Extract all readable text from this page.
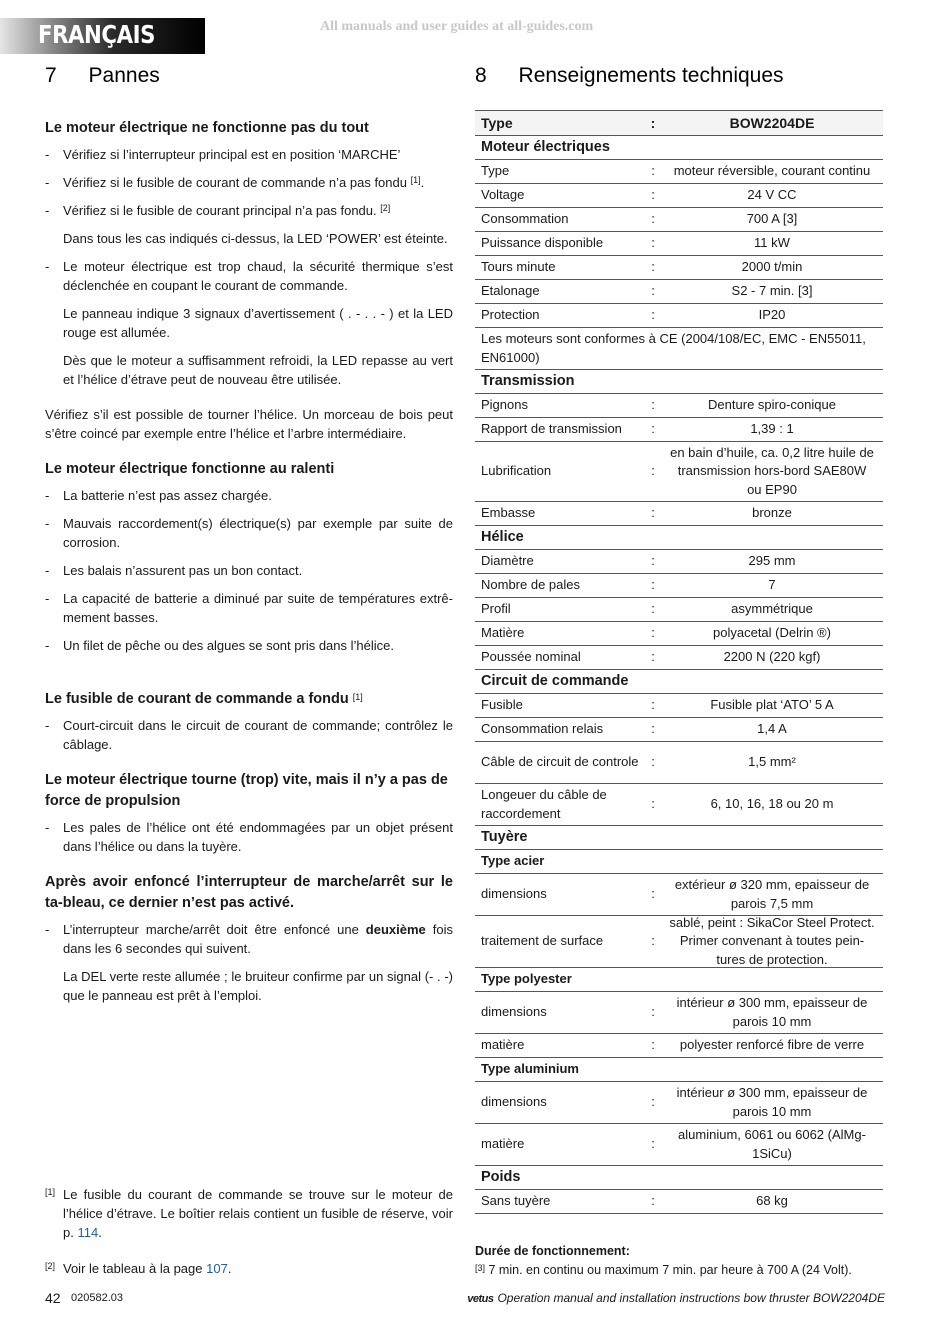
FRANÇAIS	All manuals and user guides at all-guides.com
7 Pannes	8 Renseignements techniques
Le moteur électrique ne fonctionne pas du tout
- Vérifiez si l’interrupteur principal est en position ‘MARCHE’
- Vérifiez si le fusible de courant de commande n’a pas fondu [1].
- Vérifiez si le fusible de courant principal n’a pas fondu. [2]
Dans tous les cas indiqués ci-dessus, la LED ‘POWER’ est éteinte.
- Le moteur électrique est trop chaud, la sécurité thermique s’est déclenchée en coupant le courant de commande.
Le panneau indique 3 signaux d’avertissement ( . - . . - ) et la LED rouge est allumée.
Dès que le moteur a suffisamment refroidi, la LED repasse au vert et l’hélice d’étrave peut de nouveau être utilisée.

Vérifiez s’il est possible de tourner l’hélice. Un morceau de bois peut s’être coincé par exemple entre l’hélice et l’arbre intermédiaire.

Le moteur électrique fonctionne au ralenti
- La batterie n’est pas assez chargée.
- Mauvais raccordement(s) électrique(s) par exemple par suite de corrosion.
- Les balais n’assurent pas un bon contact.
- La capacité de batterie a diminué par suite de températures extrê-mement basses.
- Un filet de pêche ou des algues se sont pris dans l’hélice.
Le fusible de courant de commande a fondu [1]
- Court-circuit dans le circuit de courant de commande; contrôlez le câblage.
Le moteur électrique tourne (trop) vite, mais il n’y a pas de force de propulsion
- Les pales de l’hélice ont été endommagées par un objet présent dans l’hélice ou dans la tuyère.
Après avoir enfoncé l’interrupteur de marche/arrêt sur le ta-bleau, ce dernier n’est pas activé.
- L’interrupteur marche/arrêt doit être enfoncé une deuxième fois dans les 6 secondes qui suivent.
La DEL verte reste allumée ; le bruiteur confirme par un signal (- . -) que le panneau est prêt à l’emploi.
[1] Le fusible du courant de commande se trouve sur le moteur de l’hélice d’étrave. Le boîtier relais contient un fusible de réserve, voir p. 114.
[2] Voir le tableau à la page 107.
Type	:	BOW2204DE
Moteur électriques
Type	:	moteur réversible, courant continu
Voltage	:	24 V CC
Consommation	:	700 A [3]
Puissance disponible	:	11 kW
Tours minute	:	2000 t/min
Etalonage	:	S2 - 7 min. [3]
Protection	:	IP20
Les moteurs sont conformes à CE (2004/108/EC, EMC - EN55011, EN61000)
Transmission
Pignons	:	Denture spiro-conique
Rapport de transmission	:	1,39 : 1
Lubrification	:
en bain d’huile, ca. 0,2 litre huile de transmission hors-bord SAE80W ou EP90
Embasse	:	bronze
Hélice
Diamètre	:	295 mm
Nombre de pales	:	7
Profil	:	asymmétrique
Matière	:	polyacetal (Delrin ®)
Poussée nominal	:	2200 N (220 kgf)
Circuit de commande
Fusible	:	Fusible plat ‘ATO’ 5 A
Consommation relais	:	1,4 A
Câble de circuit de controle :	1,5 mm²
Longeuer du câble de raccordement
:	6, 10, 16, 18 ou 20 m
Tuyère
Type acier
dimensions	:
extérieur ø 320 mm, epaisseur de parois 7,5 mm
traitement de surface	:
sablé, peint : SikaCor Steel Protect. Primer convenant à toutes pein-tures de protection.
Type polyester
dimensions	:
intérieur ø 300 mm, epaisseur de parois 10 mm
matière	:	polyester renforcé fibre de verre
Type aluminium
dimensions	:
intérieur ø 300 mm, epaisseur de parois 10 mm
matière	:
aluminium, 6061 ou 6062 (AlMg-1SiCu)
Poids
Sans tuyère	:	68 kg
Durée de fonctionnement:
[3] 7 min. en continu ou maximum 7 min. par heure à 700 A (24 Volt).
42 020582.03	vetus Operation manual and installation instructions bow thruster BOW2204DE
